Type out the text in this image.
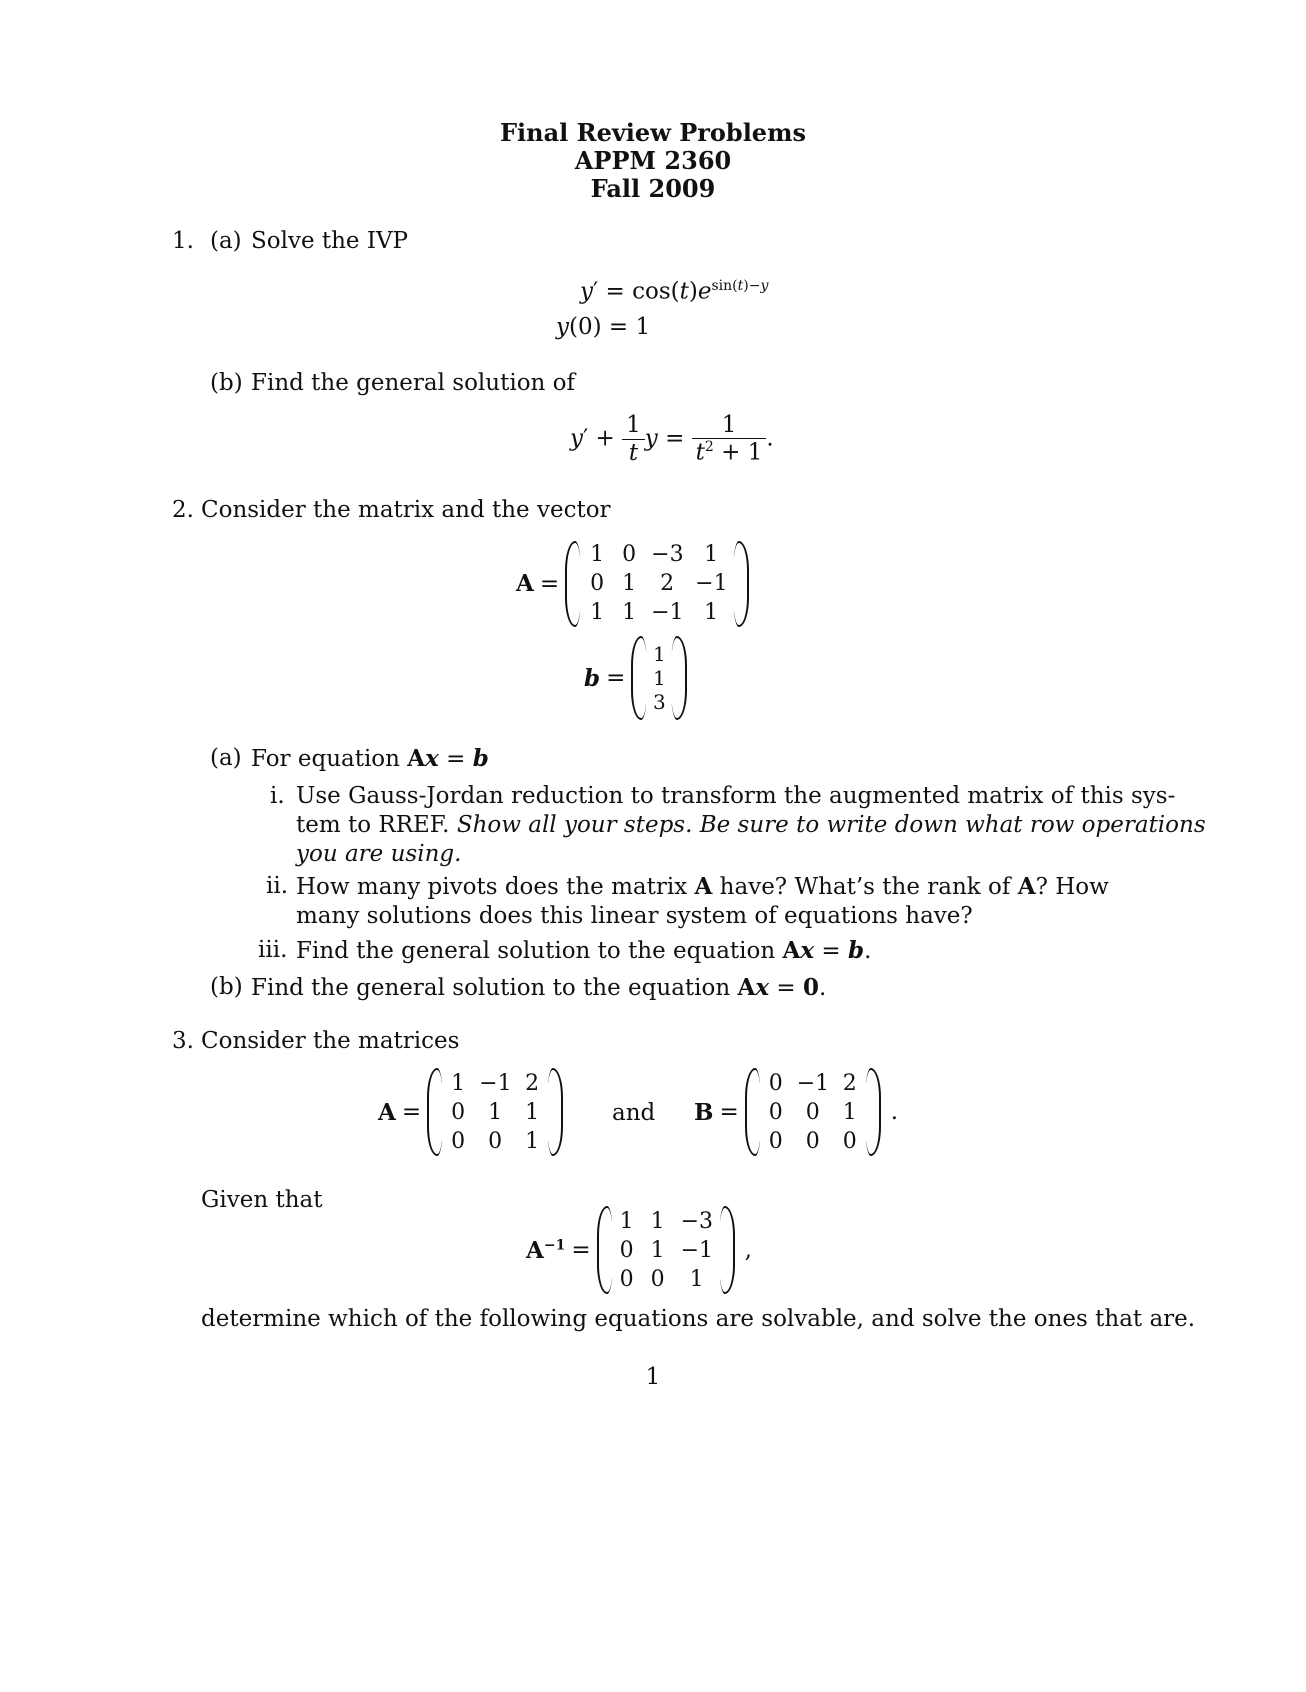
Final Review Problems
APPM 2360
Fall 2009
1. (a) Solve the IVP
$y' = \cos(t)e^{sin(t)-y}$
y(0) = 1
(b) Find the general solution of
$y' + \frac{1}{t}$ $y = \frac{1}{t^2 + 1}$ .
2. Consider the matrix and the vector
A =
1 0 −3 1
0 1	2 −1
1 1 −1 1
b =
1
1
3
(a) For equation Ax = b
i. Use Gauss-Jordan reduction to transform the augmented matrix of this sys-
tem to RREF. Show all your steps. Be sure to write down what row operations
you are using.
ii. How many pivots does the matrix A have? What’s the rank of A? How
many solutions does this linear system of equations have?
iii. Find the general solution to the equation Ax = b.
(b) Find the general solution to the equation Ax = 0.
3. Consider the matrices
A =
1 −1 2
0	1	1
0	0	1
and B =
0 −1 2
0	0	1
0	0	0
.
Given that
$A^{-1}$ =
1 1 −3
0 1 −1
0 0	1
,
determine which of the following equations are solvable, and solve the ones that are.
1
